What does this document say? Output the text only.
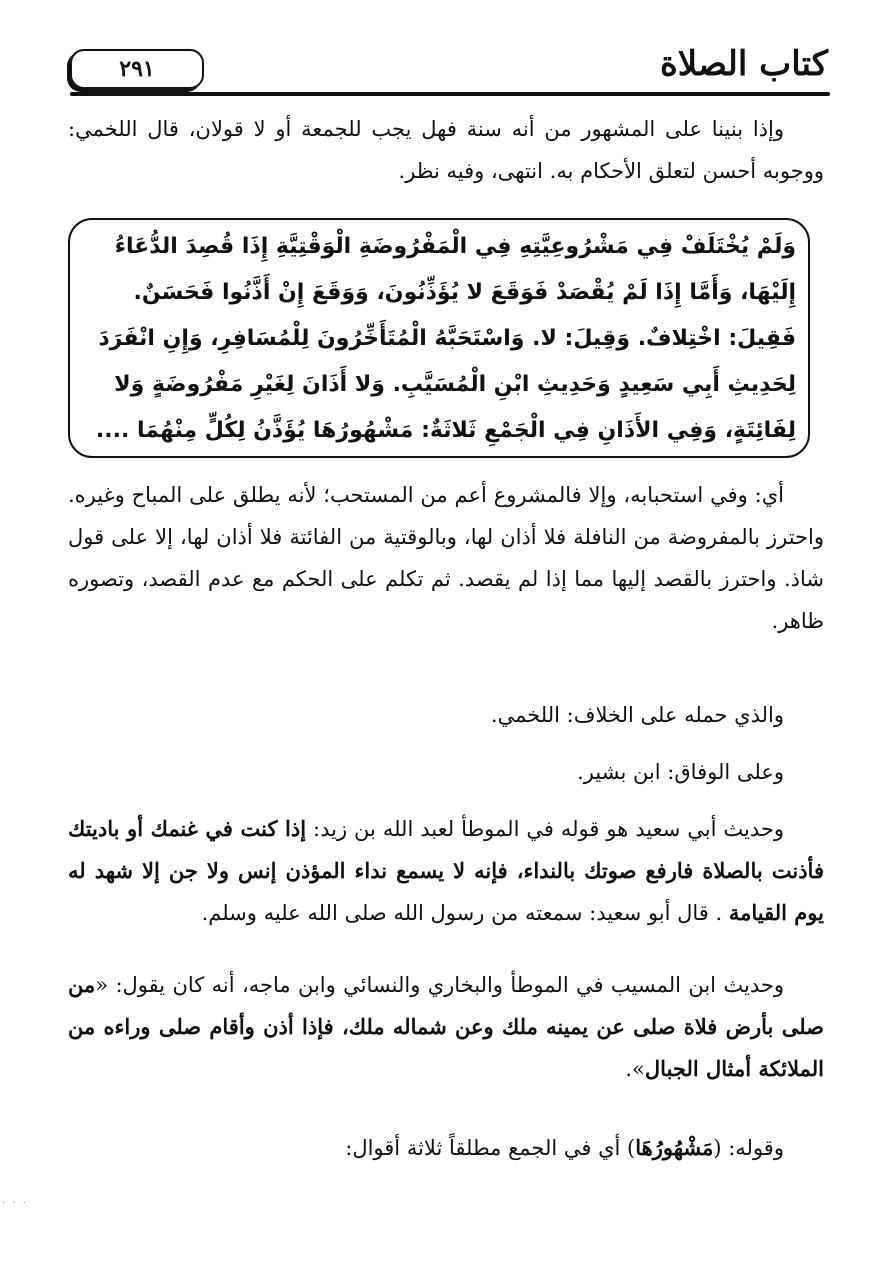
٢٩١	كتاب الصلاة

وإذا بنينا على المشهور من أنه سنة فهل يجب للجمعة أو لا قولان، قال اللخمي: ووجوبه أحسن لتعلق الأحكام به. انتهى، وفيه نظر.

وَلَمْ يُخْتَلَفْ فِي مَشْرُوعِيَّتِهِ فِي الْمَفْرُوضَةِ الْوَقْتِيَّةِ إِذَا قُصِدَ الدُّعَاءُ
إِلَيْهَا، وَأَمَّا إِذَا لَمْ يُقْصَدْ فَوَقَعَ لا يُؤَذِّنُونَ، وَوَقَعَ إِنْ أَذَّنُوا فَحَسَنٌ.
فَقِيلَ: اخْتِلافٌ. وَقِيلَ: لا. وَاسْتَحَبَّهُ الْمُتَأَخِّرُونَ لِلْمُسَافِرِ، وَإِنِ انْفَرَدَ
لِحَدِيثِ أَبِي سَعِيدٍ وَحَدِيثِ ابْنِ الْمُسَيَّبِ. وَلا أَذَانَ لِغَيْرِ مَفْرُوضَةٍ وَلا
لِفَائِتَةٍ، وَفِي الأَذَانِ فِي الْجَمْعِ ثَلاثَةٌ: مَشْهُورُهَا يُؤَذَّنُ لِكُلٍّ مِنْهُمَا ....

أي: وفي استحبابه، وإلا فالمشروع أعم من المستحب؛ لأنه يطلق على المباح وغيره. واحترز بالمفروضة من النافلة فلا أذان لها، وبالوقتية من الفائتة فلا أذان لها، إلا على قول شاذ. واحترز بالقصد إليها مما إذا لم يقصد. ثم تكلم على الحكم مع عدم القصد، وتصوره ظاهر.

والذي حمله على الخلاف: اللخمي.

وعلى الوفاق: ابن بشير.

وحديث أبي سعيد هو قوله في الموطأ لعبد الله بن زيد: إذا كنت في غنمك أو باديتك فأذنت بالصلاة فارفع صوتك بالنداء، فإنه لا يسمع نداء المؤذن إنس ولا جن إلا شهد له يوم القيامة . قال أبو سعيد: سمعته من رسول الله صلى الله عليه وسلم.

وحديث ابن المسيب في الموطأ والبخاري والنسائي وابن ماجه، أنه كان يقول: «من صلى بأرض فلاة صلى عن يمينه ملك وعن شماله ملك، فإذا أذن وأقام صلى وراءه من الملائكة أمثال الجبال».

وقوله: (مَشْهُورُهَا) أي في الجمع مطلقاً ثلاثة أقوال:

. . .
